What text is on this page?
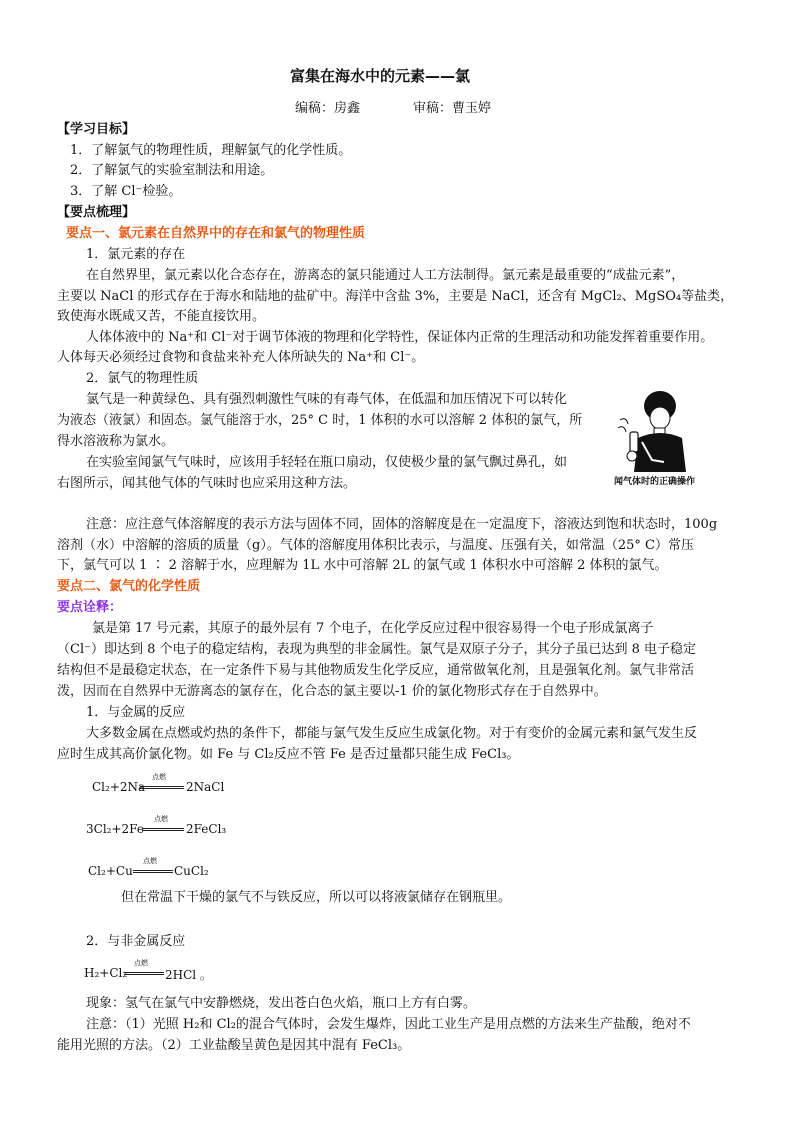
富集在海水中的元素——氯
编稿：房鑫	审稿：曹玉婷
【学习目标】
1．了解氯气的物理性质，理解氯气的化学性质。
2．了解氯气的实验室制法和用途。
3．了解 Cl⁻检验。
【要点梳理】
要点一、氯元素在自然界中的存在和氯气的物理性质
1．氯元素的存在
在自然界里，氯元素以化合态存在，游离态的氯只能通过人工方法制得。氯元素是最重要的“成盐元素”，
主要以 NaCl 的形式存在于海水和陆地的盐矿中。海洋中含盐 3%，主要是 NaCl，还含有 MgCl₂、MgSO₄等盐类，
致使海水既咸又苦，不能直接饮用。
人体体液中的 Na⁺和 Cl⁻对于调节体液的物理和化学特性，保证体内正常的生理活动和功能发挥着重要作用。
人体每天必须经过食物和食盐来补充人体所缺失的 Na⁺和 Cl⁻。
2．氯气的物理性质
氯气是一种黄绿色、具有强烈刺激性气味的有毒气体，在低温和加压情况下可以转化
为液态（液氯）和固态。氯气能溶于水，25° C 时，1 体积的水可以溶解 2 体积的氯气，所
得水溶液称为氯水。
在实验室闻氯气气味时，应该用手轻轻在瓶口扇动，仅使极少量的氯气飘过鼻孔，如
右图所示，闻其他气体的气味时也应采用这种方法。	闻气体时的正确操作
注意：应注意气体溶解度的表示方法与固体不同，固体的溶解度是在一定温度下，溶液达到饱和状态时，100g
溶剂（水）中溶解的溶质的质量（g）。气体的溶解度用体积比表示，与温度、压强有关，如常温（25° C）常压
下，氯气可以 1 ∶ 2 溶解于水，应理解为 1L 水中可溶解 2L 的氯气或 1 体积水中可溶解 2 体积的氯气。
要点二、氯气的化学性质
要点诠释：
氯是第 17 号元素，其原子的最外层有 7 个电子，在化学反应过程中很容易得一个电子形成氯离子
（Cl⁻）即达到 8 个电子的稳定结构，表现为典型的非金属性。氯气是双原子分子，其分子虽已达到 8 电子稳定
结构但不是最稳定状态，在一定条件下易与其他物质发生化学反应，通常做氧化剂，且是强氧化剂。氯气非常活
泼，因而在自然界中无游离态的氯存在，化合态的氯主要以-1 价的氯化物形式存在于自然界中。
1．与金属的反应
大多数金属在点燃或灼热的条件下，都能与氯气发生反应生成氯化物。对于有变价的金属元素和氯气发生反
应时生成其高价氯化物。如 Fe 与 Cl₂反应不管 Fe 是否过量都只能生成 FeCl₃。
Cl₂+2Na
点燃
2NaCl
3Cl₂+2Fe
点燃
2FeCl₃
Cl₂+Cu
点燃
CuCl₂
但在常温下干燥的氯气不与铁反应，所以可以将液氯储存在钢瓶里。
2．与非金属反应
H₂+Cl₂
点燃
2HCl 。
现象：氢气在氯气中安静燃烧，发出苍白色火焰，瓶口上方有白雾。
注意：（1）光照 H₂和 Cl₂的混合气体时，会发生爆炸，因此工业生产是用点燃的方法来生产盐酸，绝对不
能用光照的方法。（2）工业盐酸呈黄色是因其中混有 FeCl₃。
